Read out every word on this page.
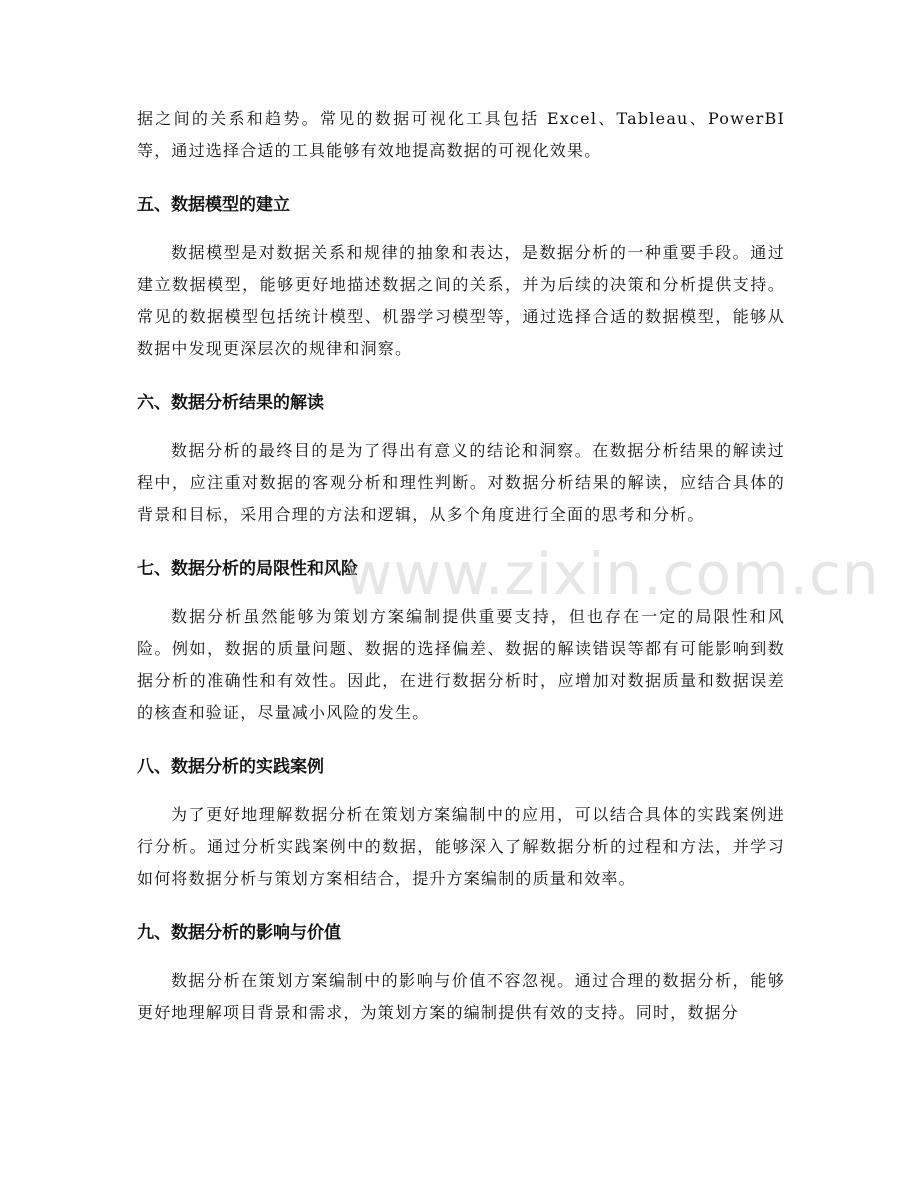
据之间的关系和趋势。常见的数据可视化工具包括 Excel、Tableau、PowerBI 等，通过选择合适的工具能够有效地提高数据的可视化效果。

五、数据模型的建立

数据模型是对数据关系和规律的抽象和表达，是数据分析的一种重要手段。通过建立数据模型，能够更好地描述数据之间的关系，并为后续的决策和分析提供支持。常见的数据模型包括统计模型、机器学习模型等，通过选择合适的数据模型，能够从数据中发现更深层次的规律和洞察。

六、数据分析结果的解读

数据分析的最终目的是为了得出有意义的结论和洞察。在数据分析结果的解读过程中，应注重对数据的客观分析和理性判断。对数据分析结果的解读，应结合具体的背景和目标，采用合理的方法和逻辑，从多个角度进行全面的思考和分析。

七、数据分析的局限性和风险

数据分析虽然能够为策划方案编制提供重要支持，但也存在一定的局限性和风险。例如，数据的质量问题、数据的选择偏差、数据的解读错误等都有可能影响到数据分析的准确性和有效性。因此，在进行数据分析时，应增加对数据质量和数据误差的核查和验证，尽量减小风险的发生。

八、数据分析的实践案例

为了更好地理解数据分析在策划方案编制中的应用，可以结合具体的实践案例进行分析。通过分析实践案例中的数据，能够深入了解数据分析的过程和方法，并学习如何将数据分析与策划方案相结合，提升方案编制的质量和效率。

九、数据分析的影响与价值

数据分析在策划方案编制中的影响与价值不容忽视。通过合理的数据分析，能够更好地理解项目背景和需求，为策划方案的编制提供有效的支持。同时，数据分

www.zixin.com.cn
